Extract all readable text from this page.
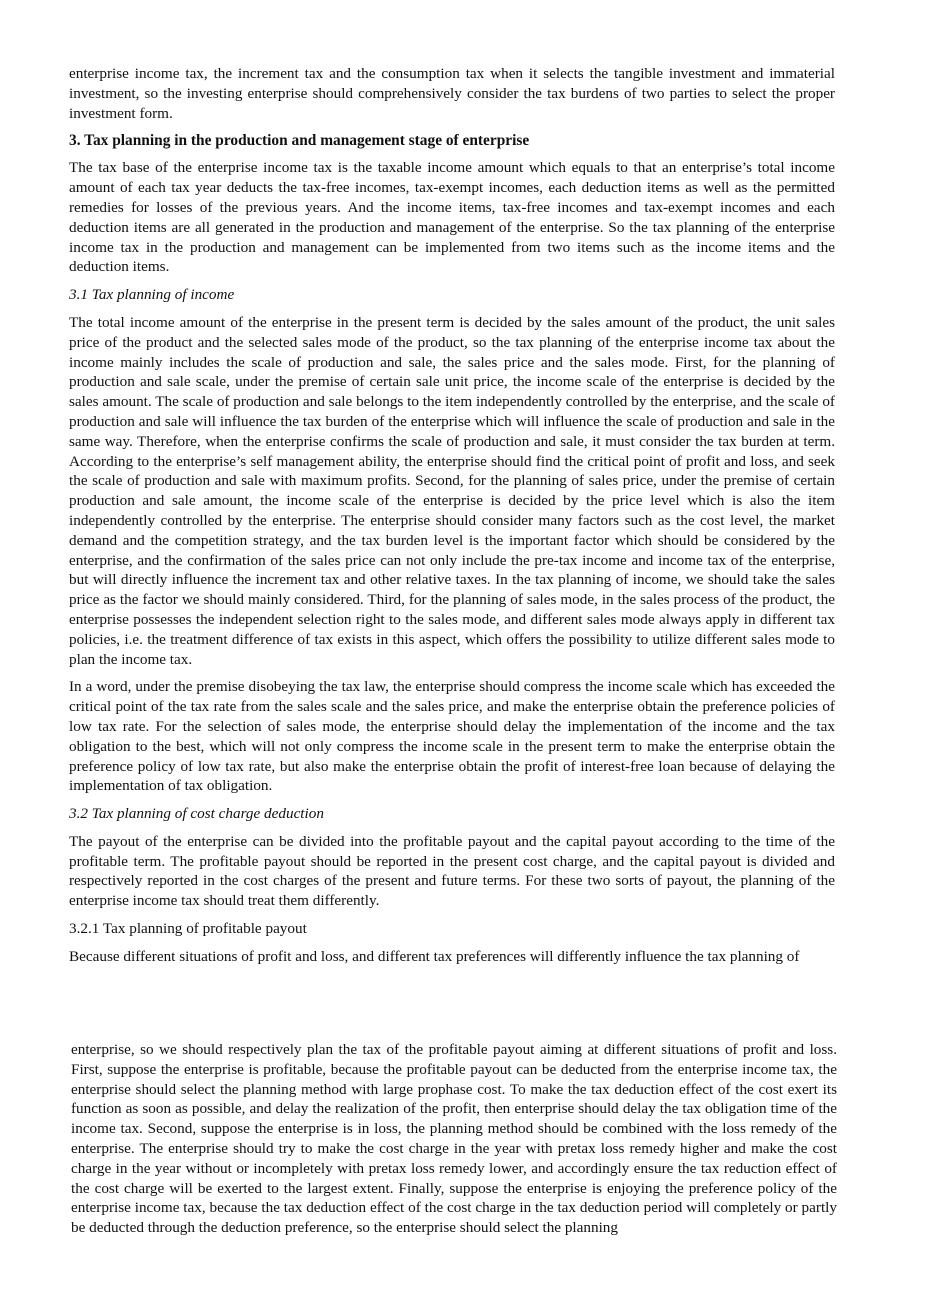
enterprise income tax, the increment tax and the consumption tax when it selects the tangible investment and immaterial investment, so the investing enterprise should comprehensively consider the tax burdens of two parties to select the proper investment form.

3. Tax planning in the production and management stage of enterprise

The tax base of the enterprise income tax is the taxable income amount which equals to that an enterprise’s total income amount of each tax year deducts the tax-free incomes, tax-exempt incomes, each deduction items as well as the permitted remedies for losses of the previous years. And the income items, tax-free incomes and tax-exempt incomes and each deduction items are all generated in the production and management of the enterprise. So the tax planning of the enterprise income tax in the production and management can be implemented from two items such as the income items and the deduction items.

3.1 Tax planning of income

The total income amount of the enterprise in the present term is decided by the sales amount of the product, the unit sales price of the product and the selected sales mode of the product, so the tax planning of the enterprise income tax about the income mainly includes the scale of production and sale, the sales price and the sales mode. First, for the planning of production and sale scale, under the premise of certain sale unit price, the income scale of the enterprise is decided by the sales amount. The scale of production and sale belongs to the item independently controlled by the enterprise, and the scale of production and sale will influence the tax burden of the enterprise which will influence the scale of production and sale in the same way. Therefore, when the enterprise confirms the scale of production and sale, it must consider the tax burden at term. According to the enterprise’s self management ability, the enterprise should find the critical point of profit and loss, and seek the scale of production and sale with maximum profits. Second, for the planning of sales price, under the premise of certain production and sale amount, the income scale of the enterprise is decided by the price level which is also the item independently controlled by the enterprise. The enterprise should consider many factors such as the cost level, the market demand and the competition strategy, and the tax burden level is the important factor which should be considered by the enterprise, and the confirmation of the sales price can not only include the pre-tax income and income tax of the enterprise, but will directly influence the increment tax and other relative taxes. In the tax planning of income, we should take the sales price as the factor we should mainly considered. Third, for the planning of sales mode, in the sales process of the product, the enterprise possesses the independent selection right to the sales mode, and different sales mode always apply in different tax policies, i.e. the treatment difference of tax exists in this aspect, which offers the possibility to utilize different sales mode to plan the income tax.

In a word, under the premise disobeying the tax law, the enterprise should compress the income scale which has exceeded the critical point of the tax rate from the sales scale and the sales price, and make the enterprise obtain the preference policies of low tax rate. For the selection of sales mode, the enterprise should delay the implementation of the income and the tax obligation to the best, which will not only compress the income scale in the present term to make the enterprise obtain the preference policy of low tax rate, but also make the enterprise obtain the profit of interest-free loan because of delaying the implementation of tax obligation.

3.2 Tax planning of cost charge deduction

The payout of the enterprise can be divided into the profitable payout and the capital payout according to the time of the profitable term. The profitable payout should be reported in the present cost charge, and the capital payout is divided and respectively reported in the cost charges of the present and future terms. For these two sorts of payout, the planning of the enterprise income tax should treat them differently.

3.2.1 Tax planning of profitable payout

Because different situations of profit and loss, and different tax preferences will differently influence the tax planning of

enterprise, so we should respectively plan the tax of the profitable payout aiming at different situations of profit and loss. First, suppose the enterprise is profitable, because the profitable payout can be deducted from the enterprise income tax, the enterprise should select the planning method with large prophase cost. To make the tax deduction effect of the cost exert its function as soon as possible, and delay the realization of the profit, then enterprise should delay the tax obligation time of the income tax. Second, suppose the enterprise is in loss, the planning method should be combined with the loss remedy of the enterprise. The enterprise should try to make the cost charge in the year with pretax loss remedy higher and make the cost charge in the year without or incompletely with pretax loss remedy lower, and accordingly ensure the tax reduction effect of the cost charge will be exerted to the largest extent. Finally, suppose the enterprise is enjoying the preference policy of the enterprise income tax, because the tax deduction effect of the cost charge in the tax deduction period will completely or partly be deducted through the deduction preference, so the enterprise should select the planning
